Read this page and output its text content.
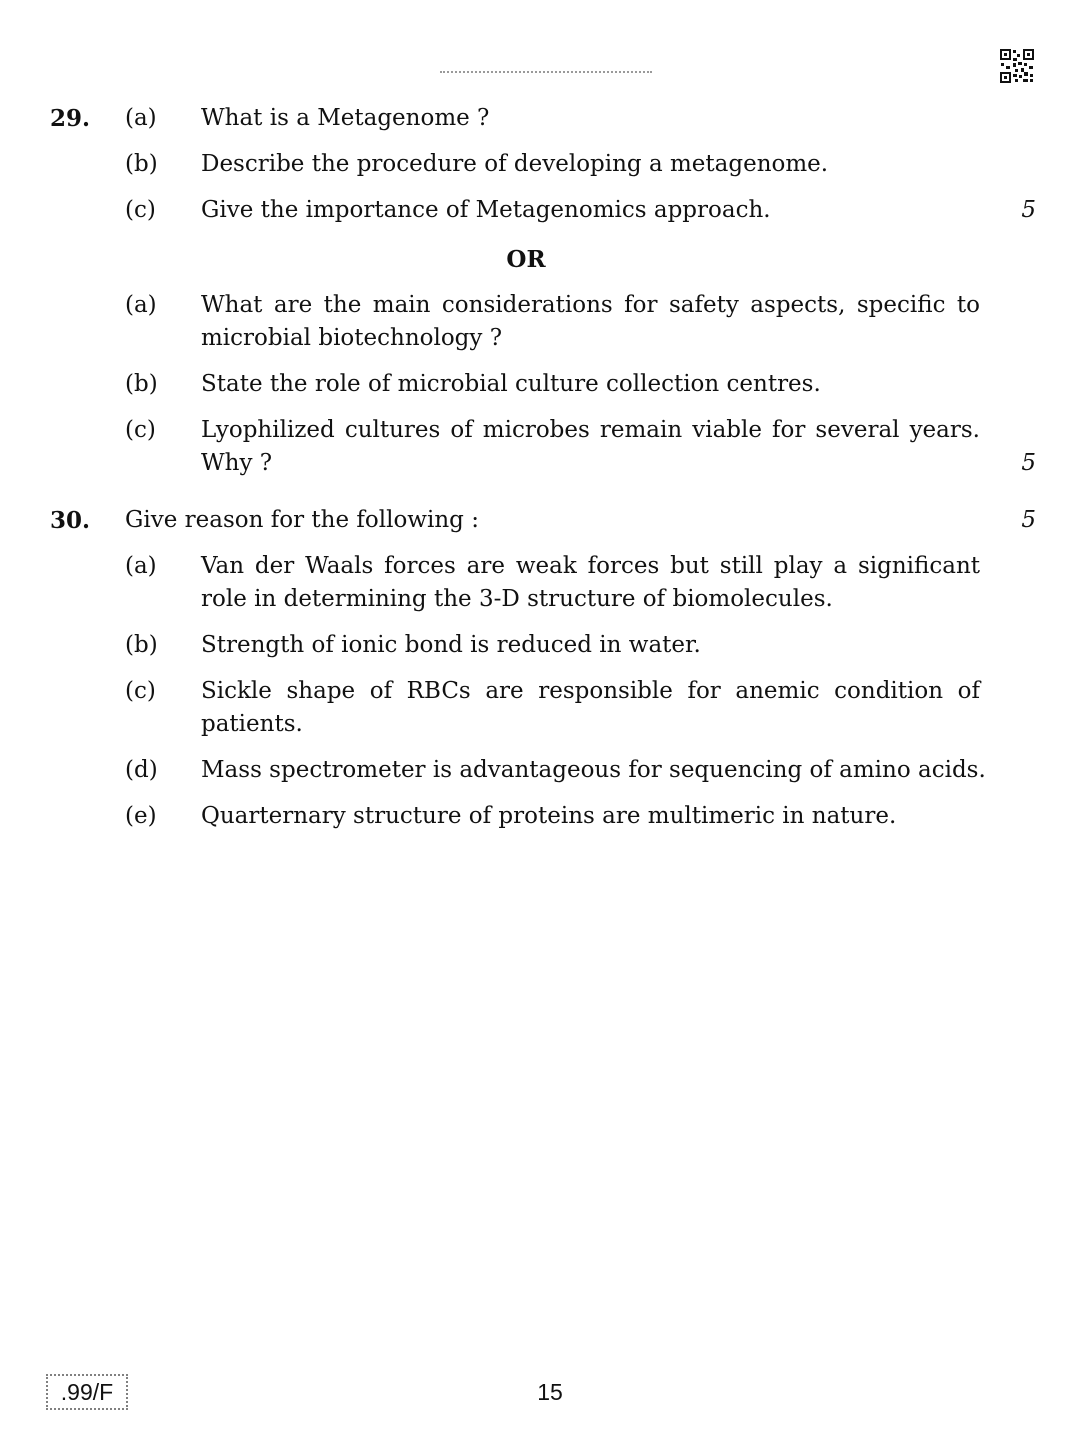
29. (a) What is a Metagenome ?
(b) Describe the procedure of developing a metagenome.
(c) Give the importance of Metagenomics approach.	5
OR
(a) What are the main considerations for safety aspects, specific to
microbial biotechnology ?
(b) State the role of microbial culture collection centres.
(c) Lyophilized cultures of microbes remain viable for several years.
Why ?	5
30. Give reason for the following :	5
(a) Van der Waals forces are weak forces but still play a significant
role in determining the 3-D structure of biomolecules.
(b) Strength of ionic bond is reduced in water.
(c) Sickle shape of RBCs are responsible for anemic condition of
patients.
(d) Mass spectrometer is advantageous for sequencing of amino acids.
(e) Quarternary structure of proteins are multimeric in nature.
.99/F	15
